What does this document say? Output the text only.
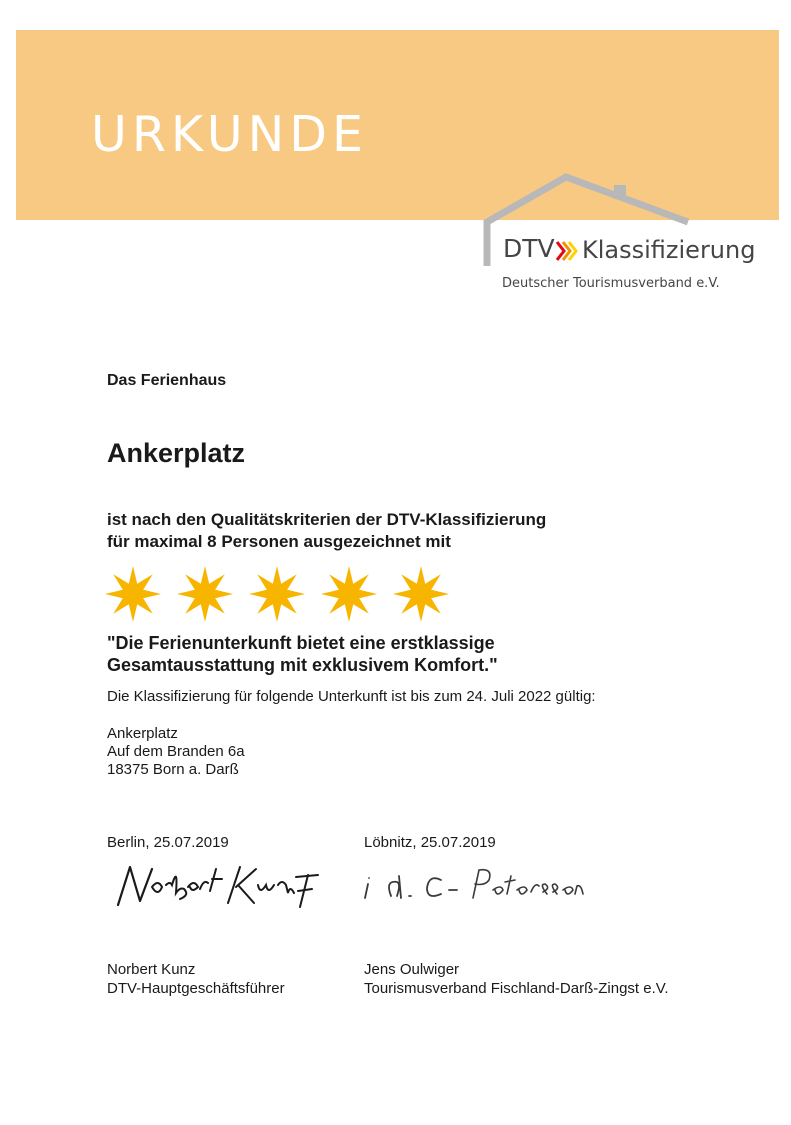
URKUNDE
DTV Klassifizierung
Deutscher Tourismusverband e.V.

Das Ferienhaus

Ankerplatz

ist nach den Qualitätskriterien der DTV-Klassifizierung
für maximal 8 Personen ausgezeichnet mit
"Die Ferienunterkunft bietet eine erstklassige
Gesamtausstattung mit exklusivem Komfort."

Die Klassifizierung für folgende Unterkunft ist bis zum 24. Juli 2022 gültig:

Ankerplatz
Auf dem Branden 6a
18375 Born a. Darß
Berlin, 25.07.2019	Löbnitz, 25.07.2019
Norbert Kunz
DTV-Hauptgeschäftsführer
Jens Oulwiger
Tourismusverband Fischland-Darß-Zingst e.V.
